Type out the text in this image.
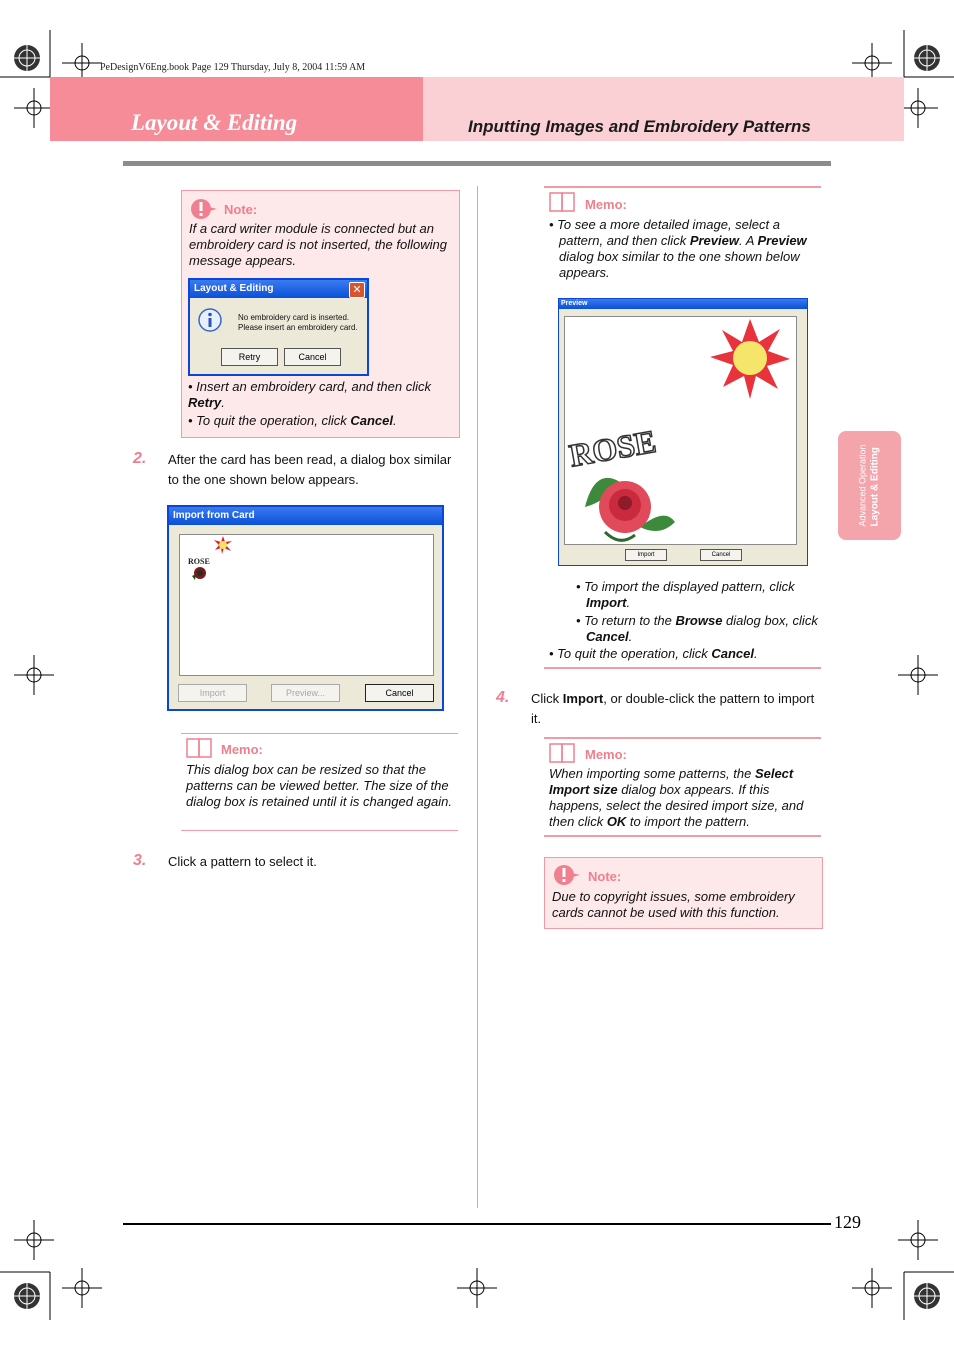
PeDesignV6Eng.book Page 129 Thursday, July 8, 2004 11:59 AM
Layout & Editing	Inputting Images and Embroidery Patterns
Advanced Operation Layout & Editing
Note:
If a card writer module is connected but an embroidery card is not inserted, the following message appears.
Layout & Editing	✕
No embroidery card is inserted.
Please insert an embroidery card.
Retry	Cancel
• Insert an embroidery card, and then click Retry.
• To quit the operation, click Cancel.
2. After the card has been read, a dialog box similar to the one shown below appears.
Import from Card
ROSE
Import	Preview...	Cancel
Memo:
This dialog box can be resized so that the patterns can be viewed better. The size of the dialog box is retained until it is changed again.
3. Click a pattern to select it.
Memo:
• To see a more detailed image, select a pattern, and then click Preview. A Preview dialog box similar to the one shown below appears.
Preview
ROSE
Import	Cancel
• To import the displayed pattern, click Import.
• To return to the Browse dialog box, click Cancel.
• To quit the operation, click Cancel.
4. Click Import, or double-click the pattern to import it.
Memo:
When importing some patterns, the Select Import size dialog box appears. If this happens, select the desired import size, and then click OK to import the pattern.
Note:
Due to copyright issues, some embroidery cards cannot be used with this function.
129
